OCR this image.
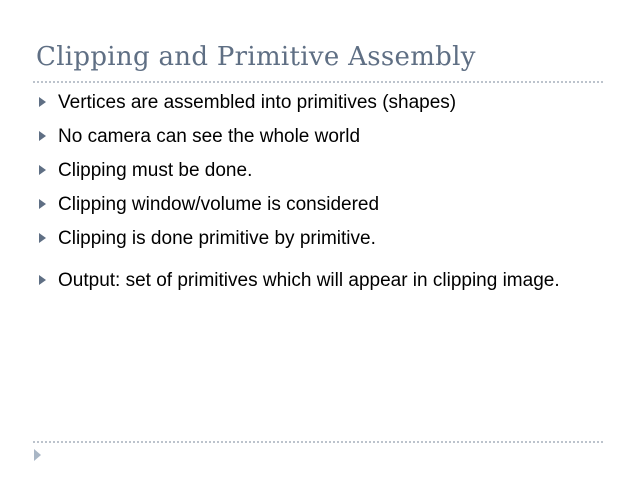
Clipping and Primitive Assembly
Vertices are assembled into primitives (shapes)
No camera can see the whole world
Clipping must be done.
Clipping window/volume is considered
Clipping is done primitive by primitive.
Output: set of primitives which will appear in clipping image.
